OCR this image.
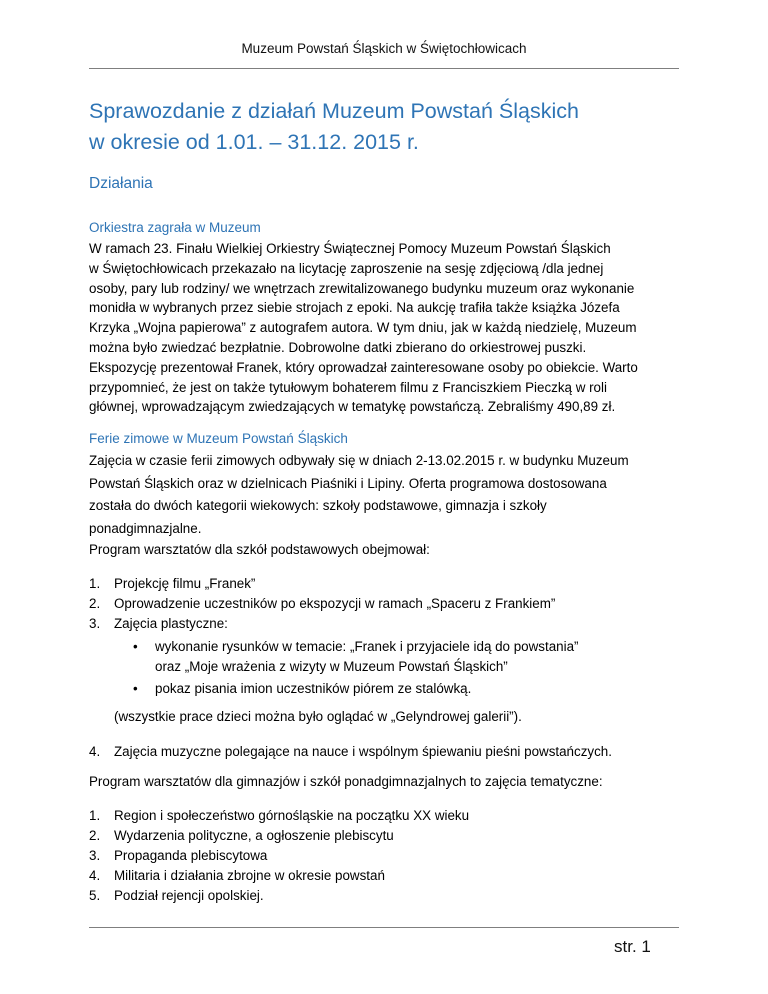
Muzeum Powstań Śląskich w Świętochłowicach
Sprawozdanie z działań Muzeum Powstań Śląskich
w okresie od 1.01. – 31.12. 2015 r.
Działania
Orkiestra zagrała w Muzeum
W ramach 23. Finału Wielkiej Orkiestry Świątecznej Pomocy Muzeum Powstań Śląskich
w Świętochłowicach przekazało na licytację zaproszenie na sesję zdjęciową /dla jednej
osoby, pary lub rodziny/ we wnętrzach zrewitalizowanego budynku muzeum oraz wykonanie
monidła w wybranych przez siebie strojach z epoki. Na aukcję trafiła także książka Józefa
Krzyka „Wojna papierowa” z autografem autora. W tym dniu, jak w każdą niedzielę, Muzeum
można było zwiedzać bezpłatnie. Dobrowolne datki zbierano do orkiestrowej puszki.
Ekspozycję prezentował Franek, który oprowadzał zainteresowane osoby po obiekcie. Warto
przypomnieć, że jest on także tytułowym bohaterem filmu z Franciszkiem Pieczką w roli
głównej, wprowadzającym zwiedzających w tematykę powstańczą. Zebraliśmy 490,89 zł.
Ferie zimowe w Muzeum Powstań Śląskich
Zajęcia w czasie ferii zimowych odbywały się w dniach 2-13.02.2015 r. w budynku Muzeum
Powstań Śląskich oraz w dzielnicach Piaśniki i Lipiny. Oferta programowa dostosowana
została do dwóch kategorii wiekowych: szkoły podstawowe, gimnazja i szkoły
ponadgimnazjalne.
Program warsztatów dla szkół podstawowych obejmował:
1. Projekcję filmu „Franek”
2. Oprowadzenie uczestników po ekspozycji w ramach „Spaceru z Frankiem”
3. Zajęcia plastyczne:
• wykonanie rysunków w temacie: „Franek i przyjaciele idą do powstania”
oraz „Moje wrażenia z wizyty w Muzeum Powstań Śląskich”
• pokaz pisania imion uczestników piórem ze stalówką.
(wszystkie prace dzieci można było oglądać w „Gelyndrowej galerii”).
4. Zajęcia muzyczne polegające na nauce i wspólnym śpiewaniu pieśni powstańczych.
Program warsztatów dla gimnazjów i szkół ponadgimnazjalnych to zajęcia tematyczne:
1. Region i społeczeństwo górnośląskie na początku XX wieku
2. Wydarzenia polityczne, a ogłoszenie plebiscytu
3. Propaganda plebiscytowa
4. Militaria i działania zbrojne w okresie powstań
5. Podział rejencji opolskiej.
str. 1
